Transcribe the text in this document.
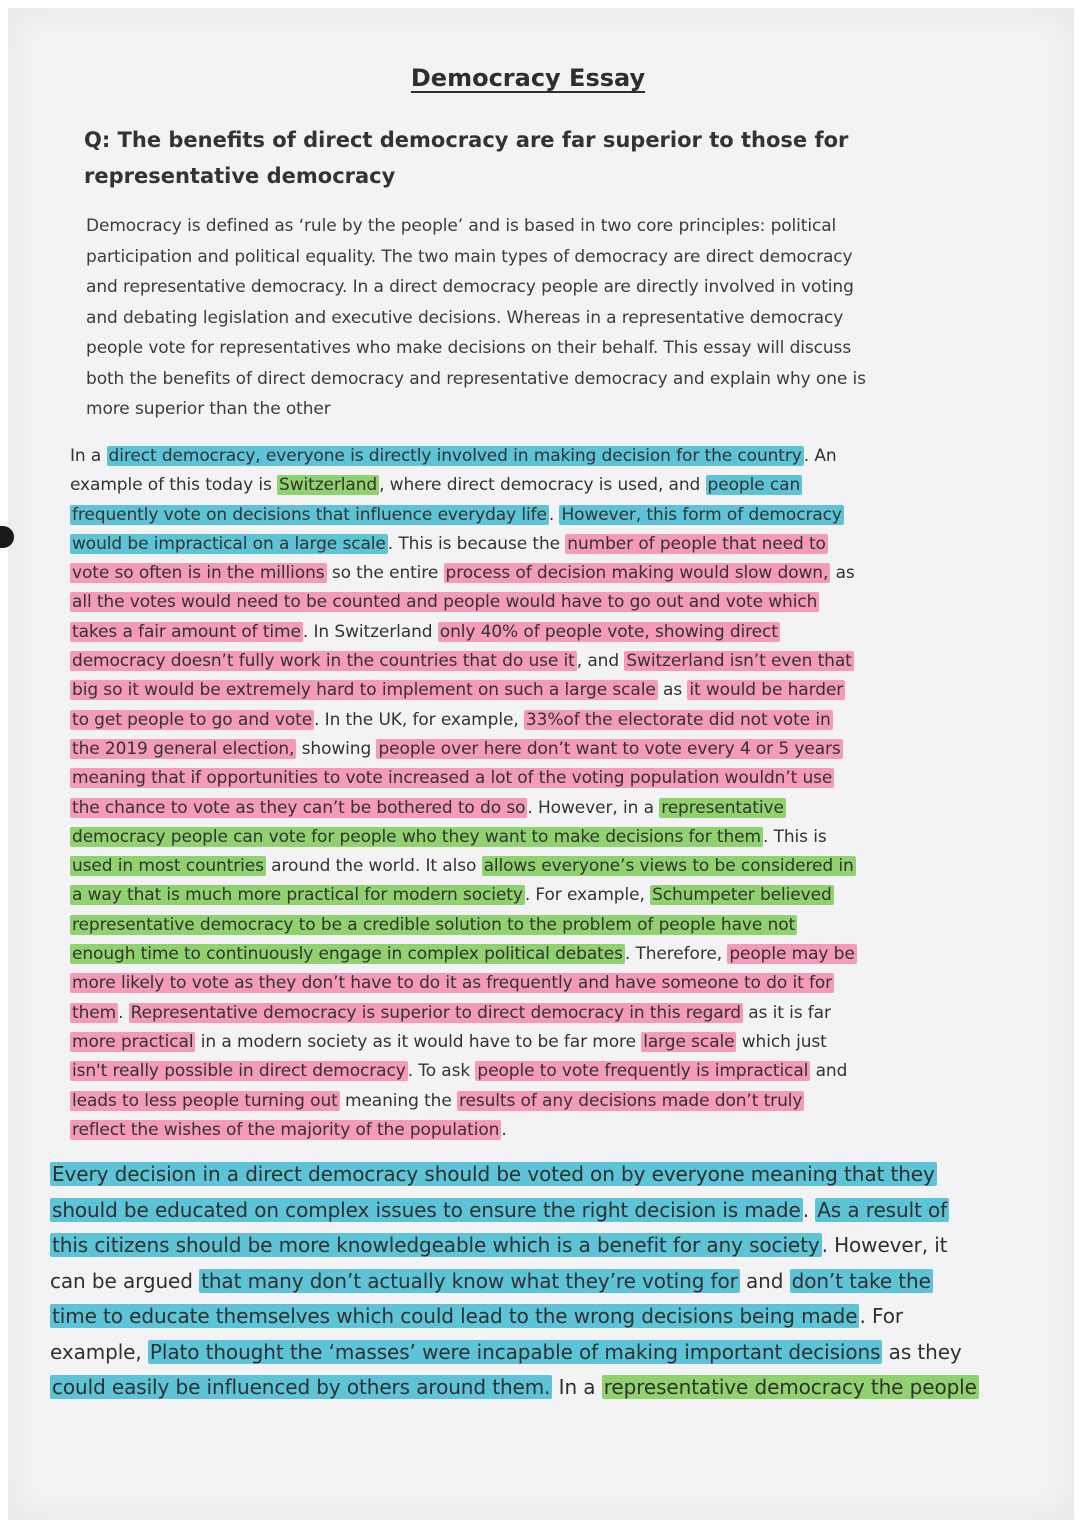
Democracy Essay
Q: The benefits of direct democracy are far superior to those for representative democracy
Democracy is defined as ‘rule by the people’ and is based in two core principles: political
participation and political equality. The two main types of democracy are direct democracy
and representative democracy. In a direct democracy people are directly involved in voting
and debating legislation and executive decisions. Whereas in a representative democracy
people vote for representatives who make decisions on their behalf. This essay will discuss
both the benefits of direct democracy and representative democracy and explain why one is
more superior than the other
In a direct democracy, everyone is directly involved in making decision for the country . An
example of this today is Switzerland , where direct democracy is used, and people can
frequently vote on decisions that influence everyday life . However, this form of democracy
would be impractical on a large scale . This is because the number of people that need to
vote so often is in the millions so the entire process of decision making would slow down, as
all the votes would need to be counted and people would have to go out and vote which
takes a fair amount of time . In Switzerland only 40% of people vote, showing direct
democracy doesn’t fully work in the countries that do use it , and Switzerland isn’t even that
big so it would be extremely hard to implement on such a large scale as it would be harder
to get people to go and vote . In the UK, for example, 33%of the electorate did not vote in
the 2019 general election, showing people over here don’t want to vote every 4 or 5 years
meaning that if opportunities to vote increased a lot of the voting population wouldn’t use
the chance to vote as they can’t be bothered to do so . However, in a representative
democracy people can vote for people who they want to make decisions for them . This is
used in most countries around the world. It also allows everyone’s views to be considered in
a way that is much more practical for modern society . For example, Schumpeter believed
representative democracy to be a credible solution to the problem of people have not
enough time to continuously engage in complex political debates . Therefore, people may be
more likely to vote as they don’t have to do it as frequently and have someone to do it for
them . Representative democracy is superior to direct democracy in this regard as it is far
more practical in a modern society as it would have to be far more large scale which just
isn't really possible in direct democracy . To ask people to vote frequently is impractical and
leads to less people turning out meaning the results of any decisions made don’t truly
reflect the wishes of the majority of the population .
Every decision in a direct democracy should be voted on by everyone meaning that they
should be educated on complex issues to ensure the right decision is made . As a result of
this citizens should be more knowledgeable which is a benefit for any society . However, it
can be argued that many don’t actually know what they’re voting for and don’t take the
time to educate themselves which could lead to the wrong decisions being made . For
example, Plato thought the ‘masses’ were incapable of making important decisions as they
could easily be influenced by others around them. In a representative democracy the people
